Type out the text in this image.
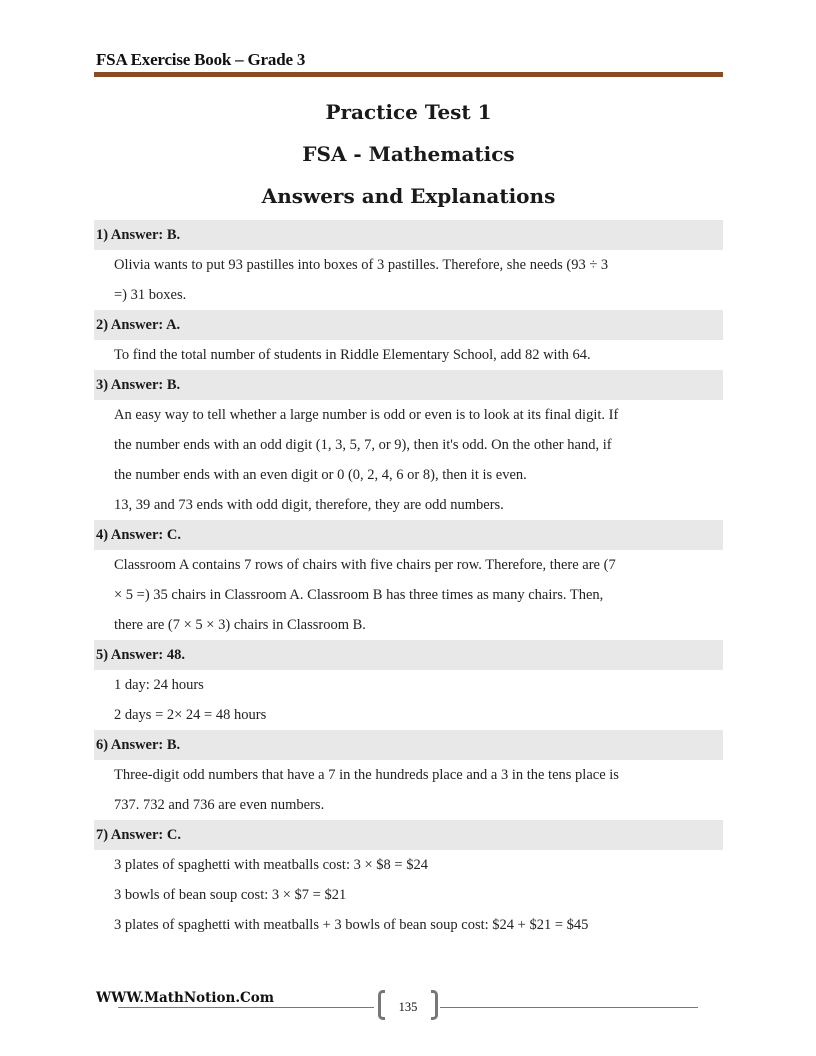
FSA Exercise Book – Grade 3
Practice Test 1
FSA - Mathematics
Answers and Explanations
1) Answer: B.
Olivia wants to put 93 pastilles into boxes of 3 pastilles. Therefore, she needs (93 ÷ 3
=) 31 boxes.
2) Answer: A.
To find the total number of students in Riddle Elementary School, add 82 with 64.
3) Answer: B.
An easy way to tell whether a large number is odd or even is to look at its final digit. If
the number ends with an odd digit (1, 3, 5, 7, or 9), then it's odd. On the other hand, if
the number ends with an even digit or 0 (0, 2, 4, 6 or 8), then it is even.
13, 39 and 73 ends with odd digit, therefore, they are odd numbers.
4) Answer: C.
Classroom A contains 7 rows of chairs with five chairs per row. Therefore, there are (7
× 5 =) 35 chairs in Classroom A. Classroom B has three times as many chairs. Then,
there are (7 × 5 × 3) chairs in Classroom B.
5) Answer: 48.
1 day: 24 hours
2 days = 2× 24 = 48 hours
6) Answer: B.
Three-digit odd numbers that have a 7 in the hundreds place and a 3 in the tens place is
737. 732 and 736 are even numbers.
7) Answer: C.
3 plates of spaghetti with meatballs cost: 3 × $8 = $24
3 bowls of bean soup cost: 3 × $7 = $21
3 plates of spaghetti with meatballs + 3 bowls of bean soup cost: $24 + $21 = $45
WWW.MathNotion.Com
135
